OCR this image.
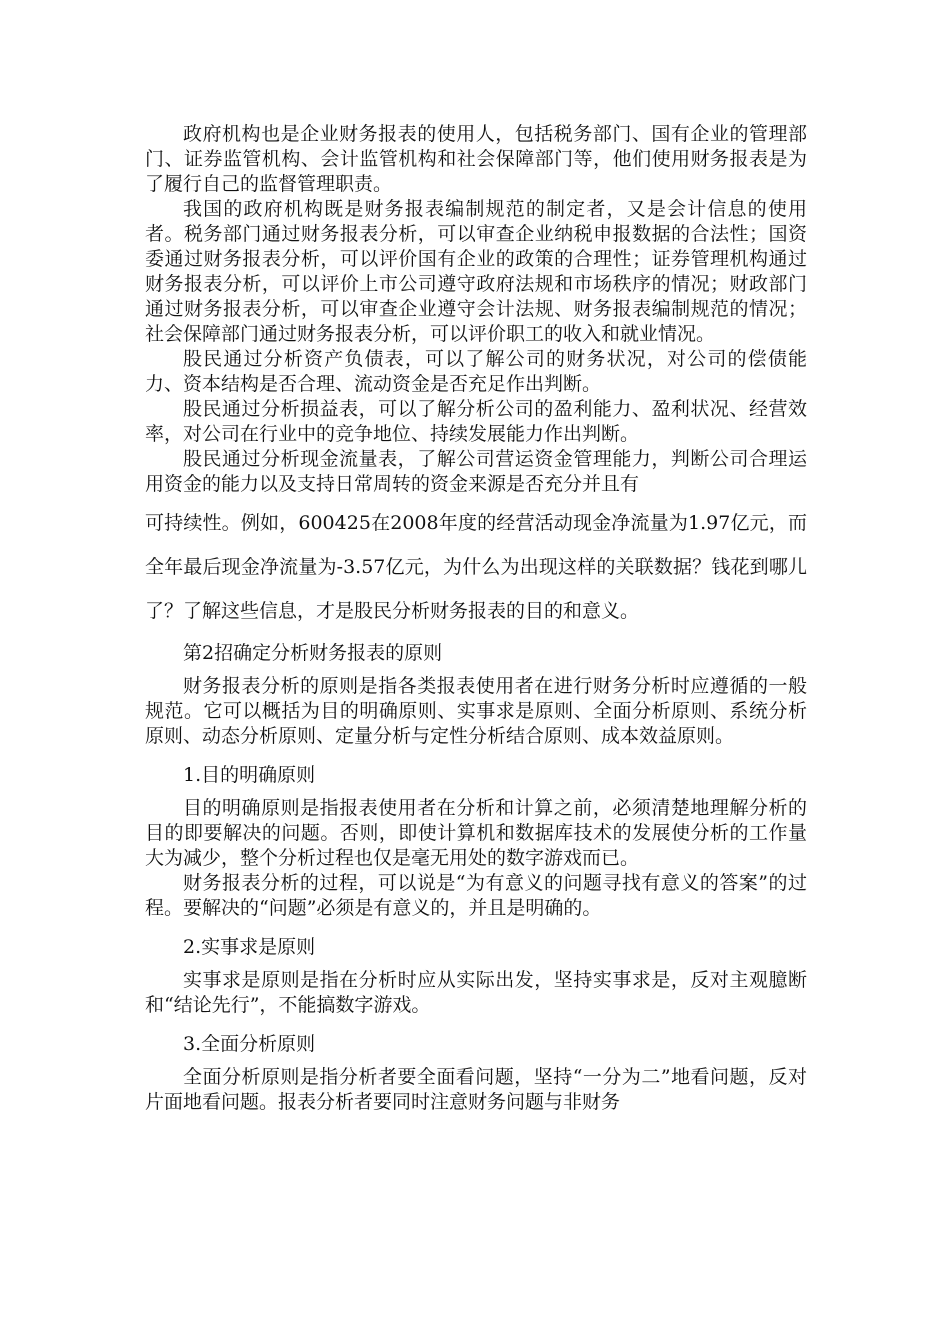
政府机构也是企业财务报表的使用人，包括税务部门、国有企业的管理部门、证券监管机构、会计监管机构和社会保障部门等，他们使用财务报表是为了履行自己的监督管理职责。

我国的政府机构既是财务报表编制规范的制定者，又是会计信息的使用者。税务部门通过财务报表分析，可以审查企业纳税申报数据的合法性；国资委通过财务报表分析，可以评价国有企业的政策的合理性；证券管理机构通过财务报表分析，可以评价上市公司遵守政府法规和市场秩序的情况；财政部门通过财务报表分析，可以审查企业遵守会计法规、财务报表编制规范的情况；社会保障部门通过财务报表分析，可以评价职工的收入和就业情况。

股民通过分析资产负债表，可以了解公司的财务状况，对公司的偿债能力、资本结构是否合理、流动资金是否充足作出判断。

股民通过分析损益表，可以了解分析公司的盈利能力、盈利状况、经营效率，对公司在行业中的竞争地位、持续发展能力作出判断。

股民通过分析现金流量表，了解公司营运资金管理能力，判断公司合理运用资金的能力以及支持日常周转的资金来源是否充分并且有

可持续性。例如，600425在2008年度的经营活动现金净流量为1.97亿元，而全年最后现金净流量为-3.57亿元，为什么为出现这样的关联数据？钱花到哪儿了？了解这些信息，才是股民分析财务报表的目的和意义。

第2招确定分析财务报表的原则

财务报表分析的原则是指各类报表使用者在进行财务分析时应遵循的一般规范。它可以概括为目的明确原则、实事求是原则、全面分析原则、系统分析原则、动态分析原则、定量分析与定性分析结合原则、成本效益原则。

1.目的明确原则

目的明确原则是指报表使用者在分析和计算之前，必须清楚地理解分析的目的即要解决的问题。否则，即使计算机和数据库技术的发展使分析的工作量大为减少，整个分析过程也仅是毫无用处的数字游戏而已。

财务报表分析的过程，可以说是“为有意义的问题寻找有意义的答案”的过程。要解决的“问题”必须是有意义的，并且是明确的。

2.实事求是原则

实事求是原则是指在分析时应从实际出发，坚持实事求是，反对主观臆断和“结论先行”，不能搞数字游戏。

3.全面分析原则

全面分析原则是指分析者要全面看问题，坚持“一分为二”地看问题，反对片面地看问题。报表分析者要同时注意财务问题与非财务
